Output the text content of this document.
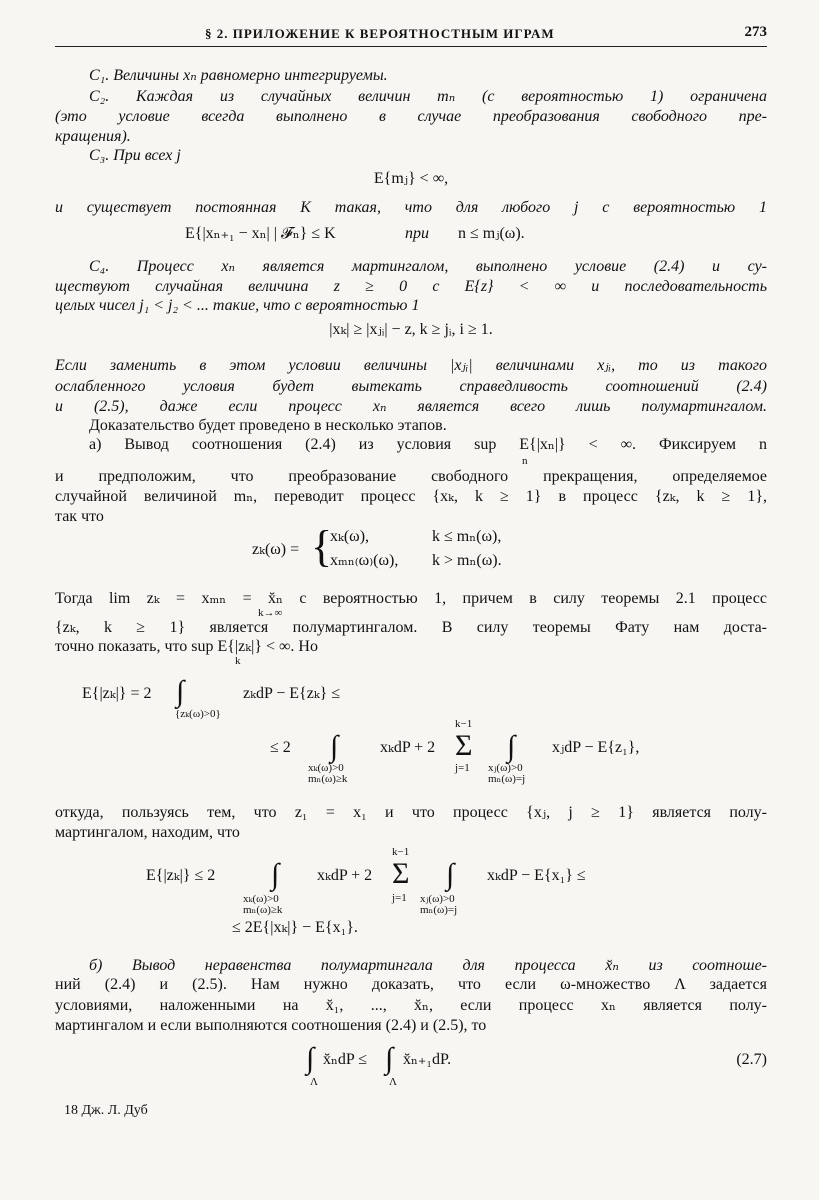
§ 2. ПРИЛОЖЕНИЕ К ВЕРОЯТНОСТНЫМ ИГРАМ	273
C₁. Величины xₙ равномерно интегрируемы.
C₂. Каждая из случайных величин mₙ (с вероятностью 1) ограничена
(это условие всегда выполнено в случае преобразования свободного пре-
кращения).
C₃. При всех j
E{mⱼ} < ∞,
и существует постоянная K такая, что для любого j с вероятностью 1
E{|xₙ₊₁ − xₙ| | 𝓕ₙ} ≤ K	при n ≤ mⱼ(ω).
C₄. Процесс xₙ является мартингалом, выполнено условие (2.4) и су-
ществуют случайная величина z ≥ 0 с E{z} < ∞ и последовательность
целых чисел j₁ < j₂ < ... такие, что с вероятностью 1
|xₖ| ≥ |xⱼᵢ| − z, k ≥ jᵢ, i ≥ 1.
Если заменить в этом условии величины |xⱼᵢ| величинами xⱼᵢ, то из такого
ослабленного условия будет вытекать справедливость соотношений (2.4)
и (2.5), даже если процесс xₙ является всего лишь полумартингалом.
Доказательство будет проведено в несколько этапов.
а) Вывод соотношения (2.4) из условия sup E{|xₙ|} < ∞. Фиксируем n
n
и предположим, что преобразование свободного прекращения, определяемое
случайной величиной mₙ, переводит процесс {xₖ, k ≥ 1} в процесс {zₖ, k ≥ 1},
так что
zₖ(ω) = {
xₖ(ω),	k ≤ mₙ(ω),
xₘₙ₍ω₎(ω), k > mₙ(ω).
Тогда lim zₖ = xₘₙ = x̆ₙ с вероятностью 1, причем в силу теоремы 2.1 процесс
k→∞
{zₖ, k ≥ 1} является полумартингалом. В силу теоремы Фату нам доста-
точно показать, что sup E{|zₖ|} < ∞. Но
k
E{|zₖ|} = 2 ∫
{zₖ(ω)>0}
zₖdP − E{zₖ} ≤
≤ 2 ∫
xₖ(ω)>0
mₙ(ω)≥k
xₖdP + 2
k−1
Σ
j=1
∫
xⱼ(ω)>0
mₙ(ω)=j
xⱼdP − E{z₁},
откуда, пользуясь тем, что z₁ = x₁ и что процесс {xⱼ, j ≥ 1} является полу-
мартингалом, находим, что
E{|zₖ|} ≤ 2 ∫
xₖ(ω)>0
mₙ(ω)≥k
xₖdP + 2
k−1
Σ
j=1
∫
xⱼ(ω)>0
mₙ(ω)=j
xₖdP − E{x₁} ≤
≤ 2E{|xₖ|} − E{x₁}.
б) Вывод неравенства полумартингала для процесса x̆ₙ из соотноше-
ний (2.4) и (2.5). Нам нужно доказать, что если ω-множество Λ задается
условиями, наложенными на x̆₁, ..., x̆ₙ, если процесс xₙ является полу-
мартингалом и если выполняются соотношения (2.4) и (2.5), то
∫
Λ
x̆ₙdP ≤ ∫
Λ
x̆ₙ₊₁dP.	(2.7)
18 Дж. Л. Дуб
